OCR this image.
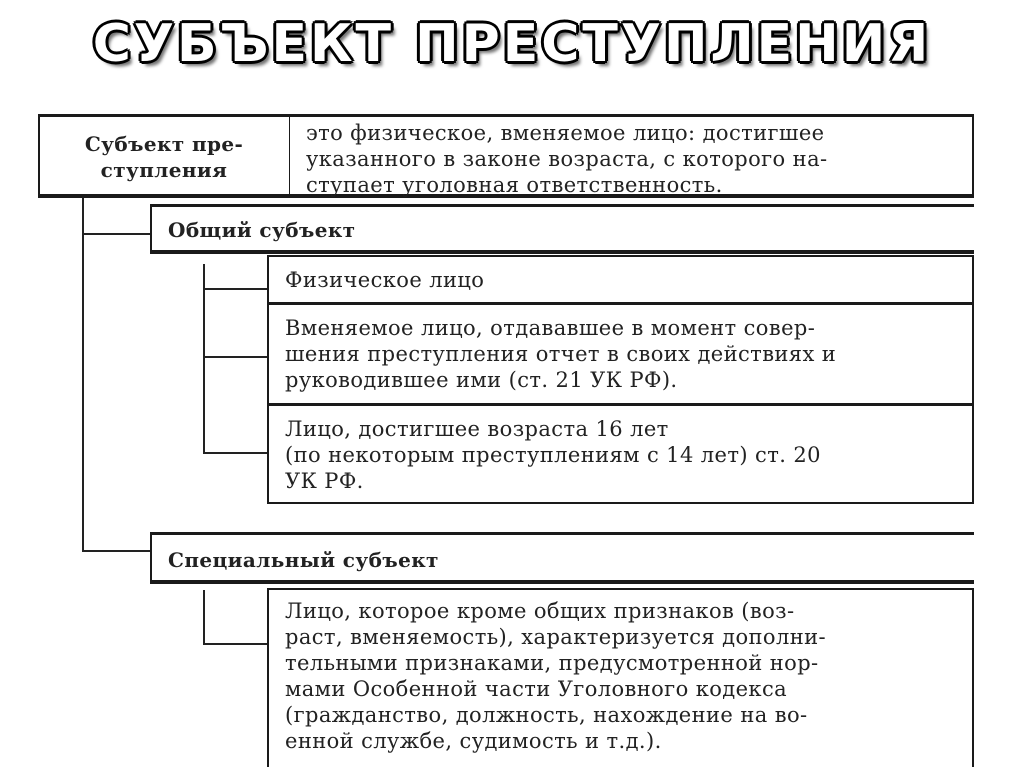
СУБЪЕКТ ПРЕСТУПЛЕНИЯ
Субъект пре-
ступления
это физическое, вменяемое лицо: достигшее
указанного в законе возраста, с которого на-
ступает уголовная ответственность.
Общий субъект
Физическое лицо
Вменяемое лицо, отдававшее в момент совер-
шения преступления отчет в своих действиях и
руководившее ими (ст. 21 УК РФ).
Лицо, достигшее возраста 16 лет
(по некоторым преступлениям с 14 лет) ст. 20
УК РФ.
Специальный субъект
Лицо, которое кроме общих признаков (воз-
раст, вменяемость), характеризуется дополни-
тельными признаками, предусмотренной нор-
мами Особенной части Уголовного кодекса
(гражданство, должность, нахождение на во-
енной службе, судимость и т.д.).
